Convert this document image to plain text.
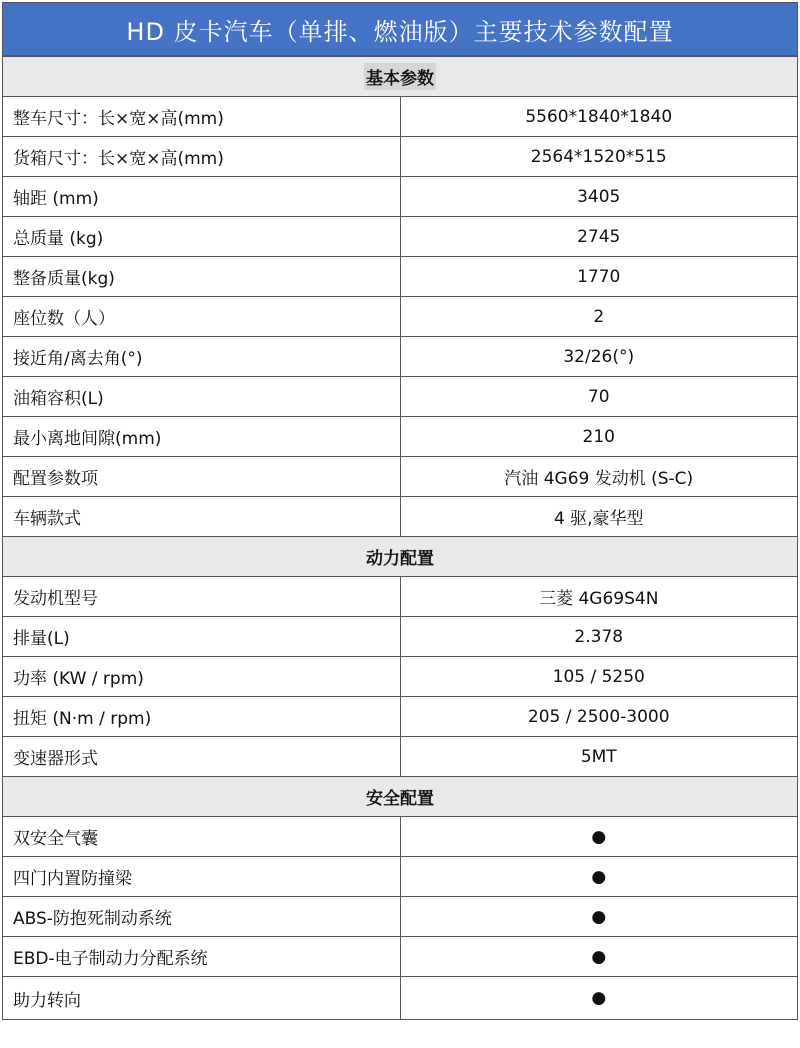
HD 皮卡汽车（单排、燃油版）主要技术参数配置
基本参数	
整车尺寸：长×宽×高(mm)	5560*1840*1840
货箱尺寸：长×宽×高(mm)	2564*1520*515
轴距 (mm)	3405
总质量 (kg)	2745
整备质量(kg)	1770
座位数（人）	2
接近角/离去角(°)	32/26(°)
油箱容积(L)	70
最小离地间隙(mm)	210
配置参数项	汽油 4G69 发动机 (S-C)
车辆款式	4 驱,豪华型
动力配置	
发动机型号	三菱 4G69S4N
排量(L)	2.378
功率 (KW / rpm)	105 / 5250
扭矩 (N·m / rpm)	205 / 2500-3000
变速器形式	5MT
安全配置	
双安全气囊	●
四门内置防撞梁	●
ABS-防抱死制动系统	●
EBD-电子制动力分配系统	●
助力转向	●
